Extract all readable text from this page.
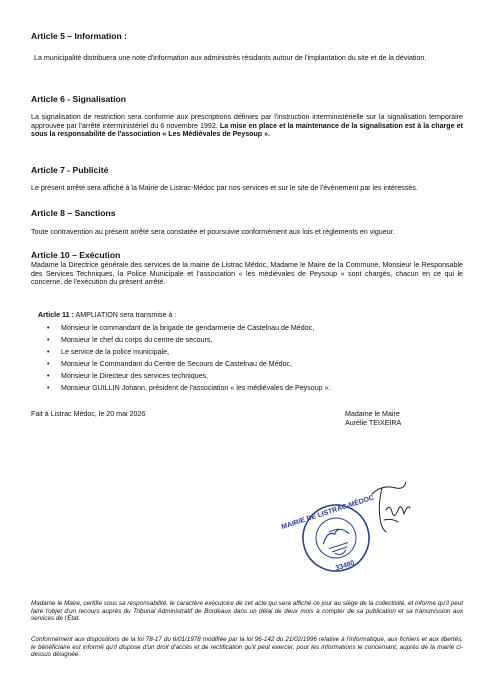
Article 5 – Information :
La municipalité distribuera une note d'information aux administrés résidants autour de l'implantation du site et de la déviation.
Article 6 - Signalisation
La signalisation de restriction sera conforme aux prescriptions définies par l'instruction interministérielle sur la signalisation temporaire approuvée par l'arrêté interministériel du 6 novembre 1992. La mise en place et la maintenance de la signalisation est à la charge et sous la responsabilité de l'association « Les Médiévales de Peysoup ».
Article 7 - Publicité
Le présent arrêté sera affiché à la Mairie de Listrac-Médoc par nos services et sur le site de l'évènement par les intéressés.
Article 8 – Sanctions
Toute contravention au présent arrêté sera constatée et poursuivie conformément aux lois et règlements en vigueur.
Article 10 – Exécution
Madame la Directrice générale des services de la mairie de Listrac Médoc, Madame le Maire de la Commune, Monsieur le Responsable des Services Techniques, la Police Municipale et l'association « les médiévales de Peysoup » sont chargés, chacun en ce qui le concerne, de l'exécution du présent arrêté.
Article 11 : AMPLIATION sera transmise à :
• Monsieur le commandant de la brigade de gendarmerie de Castelnau de Médoc,
• Monsieur le chef du corps du centre de secours,
• Le service de la police municipale,
• Monsieur le Commandant du Centre de Secours de Castelnau de Médoc,
• Monsieur le Directeur des services techniques,
• Monsieur GUILLIN Johann, président de l'association « les médiévales de Peysoup ».
Fait à Listrac Médoc, le 20 mai 2026	Madame le Maire
Aurélie TEIXEIRA
MAIRIE DE LISTRAC-MÉDOC
33480
Madame le Maire, certifie sous sa responsabilité, le caractère exécutoire de cet acte qui sera affiché ce jour au siège de la collectivité, et informe qu'il peut faire l'objet d'un recours auprès du Tribunal Administratif de Bordeaux dans un délai de deux mois à compter de sa publication et sa transmission aux services de l'État.
Conformément aux dispositions de la loi 78-17 du 6/01/1978 modifiée par la loi 96-142 du 21/02/1996 relative à l'informatique, aux fichiers et aux libertés, le bénéficiaire est informé qu'il dispose d'un droit d'accès et de rectification qu'il peut exercer, pour les informations le concernant, auprès de la mairie ci-dessus désignée.
